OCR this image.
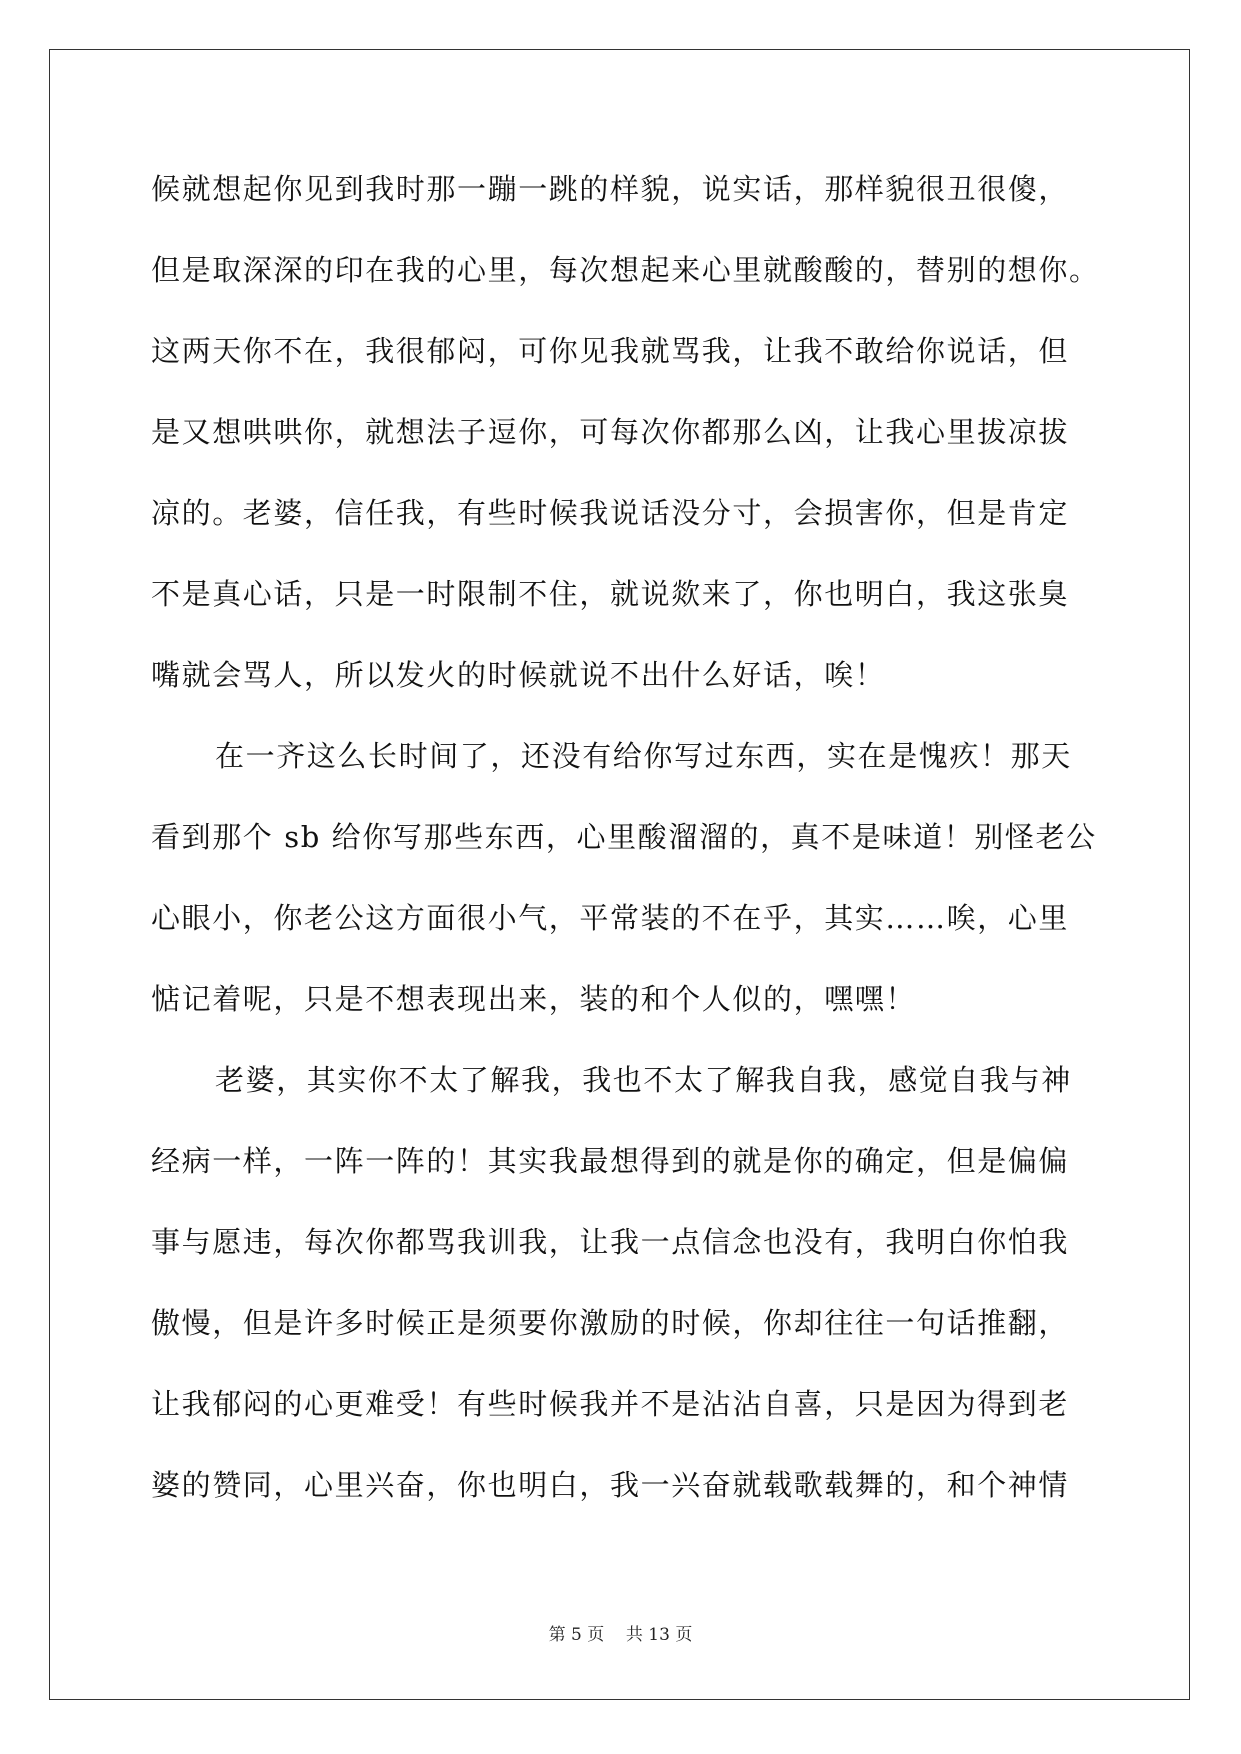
候就想起你见到我时那一蹦一跳的样貌，说实话，那样貌很丑很傻，
但是取深深的印在我的心里，每次想起来心里就酸酸的，替别的想你。
这两天你不在，我很郁闷，可你见我就骂我，让我不敢给你说话，但
是又想哄哄你，就想法子逗你，可每次你都那么凶，让我心里拔凉拔
凉的。老婆，信任我，有些时候我说话没分寸，会损害你，但是肯定
不是真心话，只是一时限制不住，就说欻来了，你也明白，我这张臭
嘴就会骂人，所以发火的时候就说不出什么好话，唉！
在一齐这么长时间了，还没有给你写过东西，实在是愧疚！那天
看到那个 sb 给你写那些东西，心里酸溜溜的，真不是味道！别怪老公
心眼小，你老公这方面很小气，平常装的不在乎，其实……唉，心里
惦记着呢，只是不想表现出来，装的和个人似的，嘿嘿！
老婆，其实你不太了解我，我也不太了解我自我，感觉自我与神
经病一样，一阵一阵的！其实我最想得到的就是你的确定，但是偏偏
事与愿违，每次你都骂我训我，让我一点信念也没有，我明白你怕我
傲慢，但是许多时候正是须要你激励的时候，你却往往一句话推翻，
让我郁闷的心更难受！有些时候我并不是沾沾自喜，只是因为得到老
婆的赞同，心里兴奋，你也明白，我一兴奋就载歌载舞的，和个神情
第 5 页    共 13 页
